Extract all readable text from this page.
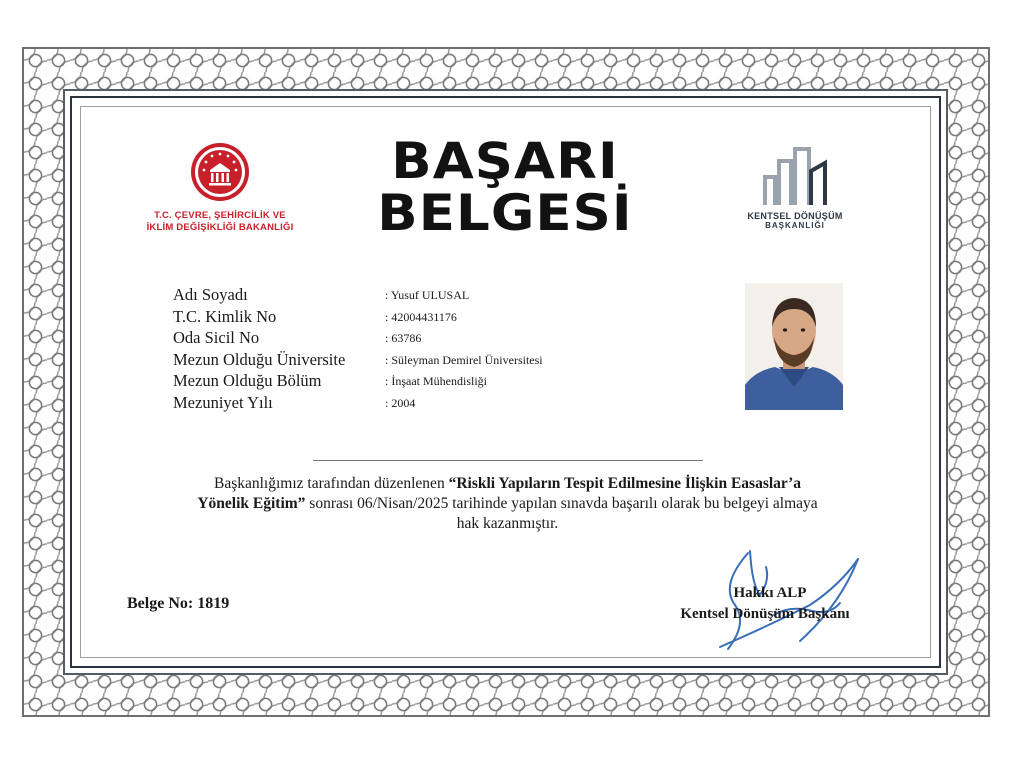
T.C. ÇEVRE, ŞEHİRCİLİK VE
İKLİM DEĞİŞİKLİĞİ BAKANLIĞI
BAŞARI
BELGESİ	KENTSEL DÖNÜŞÜM
BAŞKANLIĞI
Adı Soyadı	: Yusuf ULUSAL
T.C. Kimlik No	: 42004431176
Oda Sicil No	: 63786
Mezun Olduğu Üniversite	: Süleyman Demirel Üniversitesi
Mezun Olduğu Bölüm	: İnşaat Mühendisliği
Mezuniyet Yılı	: 2004
Başkanlığımız tarafından düzenlenen “Riskli Yapıların Tespit Edilmesine İlişkin Easaslar’a Yönelik Eğitim” sonrası 06/Nisan/2025 tarihinde yapılan sınavda başarılı olarak bu belgeyi almaya hak kazanmıştır.
Belge No: 1819
Hakkı ALP
Kentsel Dönüşüm Başkanı
